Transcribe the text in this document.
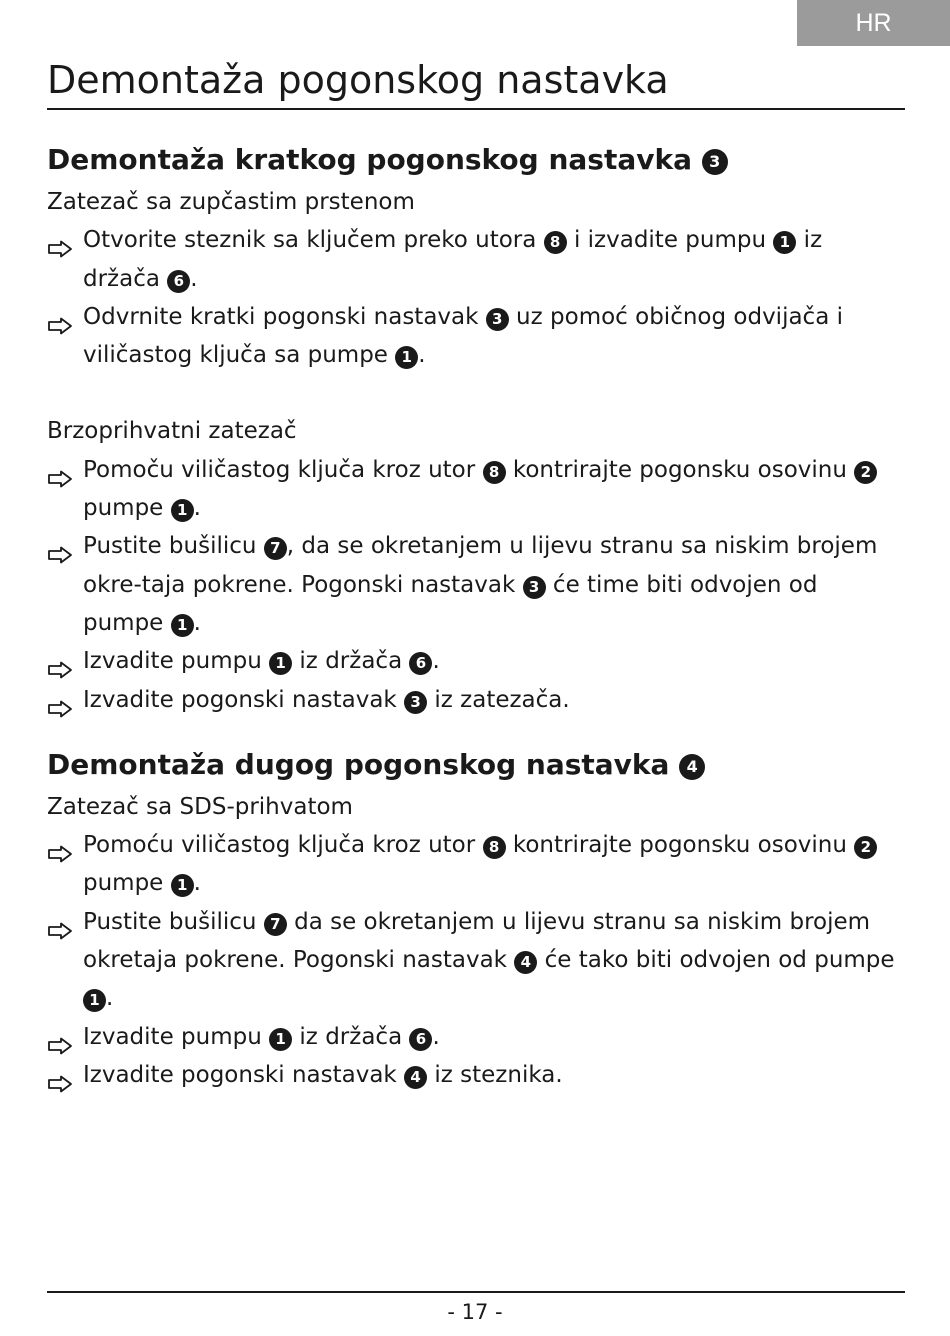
HR
Demontaža pogonskog nastavka
Demontaža kratkog pogonskog nastavka 3

Zatezač sa zupčastim prstenom

Otvorite steznik sa ključem preko utora 8 i izvadite pumpu 1 iz držača 6 .

Odvrnite kratki pogonski nastavak 3 uz pomoć običnog odvijača i viličastog ključa sa pumpe 1 .

Brzoprihvatni zatezač

Pomoču viličastog ključa kroz utor 8 kontrirajte pogonsku osovinu 2 pumpe 1 .

Pustite bušilicu 7 , da se okretanjem u lijevu stranu sa niskim brojem okre-taja pokrene. Pogonski nastavak 3 će time biti odvojen od pumpe 1 .

Izvadite pumpu 1 iz držača 6 .

Izvadite pogonski nastavak 3 iz zatezača.

Demontaža dugog pogonskog nastavka 4

Zatezač sa SDS-prihvatom

Pomoću viličastog ključa kroz utor 8 kontrirajte pogonsku osovinu 2 pumpe 1 .

Pustite bušilicu 7 da se okretanjem u lijevu stranu sa niskim brojem okretaja pokrene. Pogonski nastavak 4 će tako biti odvojen od pumpe 1 .

Izvadite pumpu 1 iz držača 6 .

Izvadite pogonski nastavak 4 iz steznika.

- 17 -
